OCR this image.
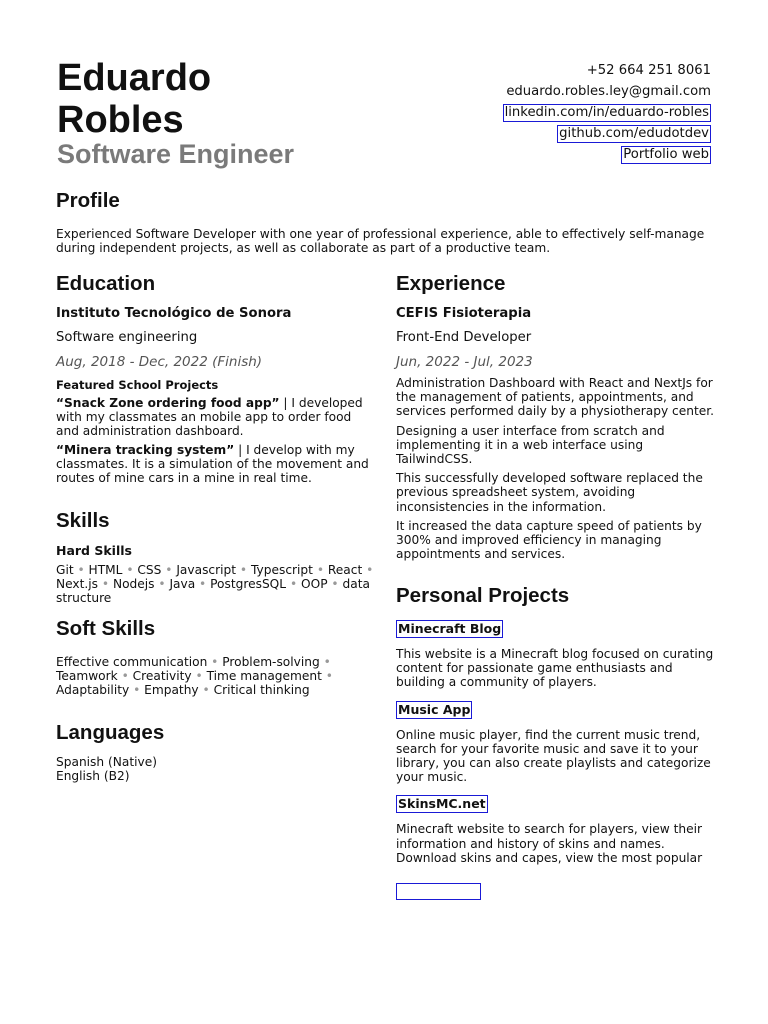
Eduardo
Robles
Software Engineer
+52 664 251 8061
eduardo.robles.ley@gmail.com
linkedin.com/in/eduardo-robles
github.com/edudotdev
Portfolio web
Profile
Experienced Software Developer with one year of professional experience, able to effectively self-manage during independent projects, as well as collaborate as part of a productive team.
Education
Instituto Tecnológico de Sonora
Software engineering
Aug, 2018 - Dec, 2022 (Finish)
Featured School Projects
“Snack Zone ordering food app” | I developed with my classmates an mobile app to order food and administration dashboard.
“Minera tracking system” | I develop with my classmates. It is a simulation of the movement and routes of mine cars in a mine in real time.
Skills
Hard Skills
Git • HTML • CSS • Javascript • Typescript • React • Next.js • Nodejs • Java • PostgresSQL • OOP • data structure
Soft Skills
Effective communication • Problem-solving • Teamwork • Creativity • Time management • Adaptability • Empathy • Critical thinking
Languages
Spanish (Native)
English (B2)
Experience
CEFIS Fisioterapia
Front-End Developer
Jun, 2022 - Jul, 2023

Administration Dashboard with React and NextJs for the management of patients, appointments, and services performed daily by a physiotherapy center.

Designing a user interface from scratch and implementing it in a web interface using TailwindCSS.

This successfully developed software replaced the previous spreadsheet system, avoiding inconsistencies in the information.

It increased the data capture speed of patients by 300% and improved efficiency in managing appointments and services.

Personal Projects
Minecraft Blog
This website is a Minecraft blog focused on curating content for passionate game enthusiasts and building a community of players.
Music App
Online music player, find the current music trend, search for your favorite music and save it to your library, you can also create playlists and categorize your music.
SkinsMC.net
Minecraft website to search for players, view their information and history of skins and names. Download skins and capes, view the most popular
